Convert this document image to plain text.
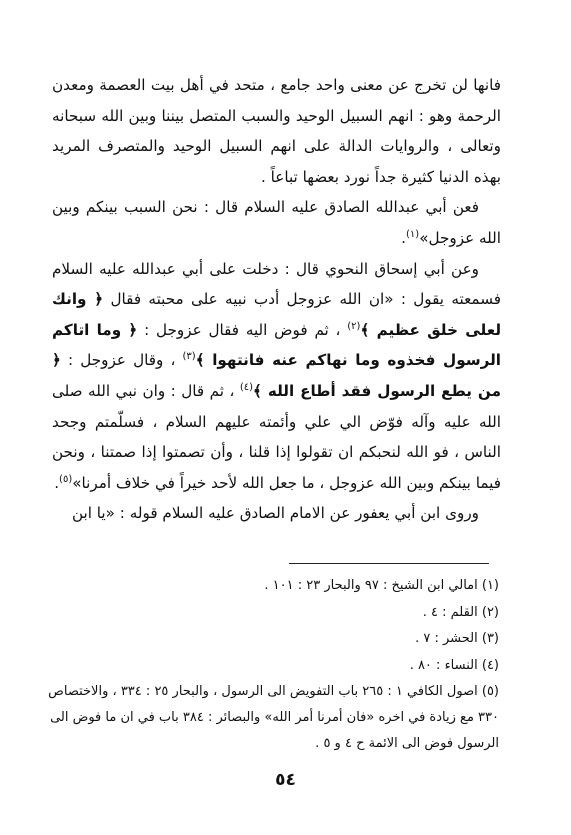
فانها لن تخرج عن معنى واحد جامع ، متحد في أهل بيت العصمة ومعدن الرحمة وهو : انهم السبيل الوحيد والسبب المتصل بيننا وبين الله سبحانه وتعالى ، والروايات الدالة على انهم السبيل الوحيد والمتصرف المريد بهذه الدنيا كثيرة جداً نورد بعضها تباعاً .

فعن أبي عبدالله الصادق عليه السلام قال : نحن السبب بينكم وبين الله عزوجل»$^{(١)}$.

وعن أبي إسحاق النحوي قال : دخلت على أبي عبدالله عليه السلام فسمعته يقول : «ان الله عزوجل أدب نبيه على محبته فقال ﴿ وانك لعلى خلق عظيم ﴾$^{(٢)}$ ، ثم فوض اليه فقال عزوجل : ﴿ وما اتاكم الرسول فخذوه وما نهاكم عنه فانتهوا ﴾$^{(٣)}$ ، وقال عزوجل : ﴿ من يطع الرسول فقد أطاع الله ﴾$^{(٤)}$ ، ثم قال : وان نبي الله صلى الله عليه وآله فوّض الي علي وأئمته عليهم السلام ، فسلّمتم وجحد الناس ، فو الله لنحبكم ان تقولوا إذا قلنا ، وأن تصمتوا إذا صمتنا ، ونحن فيما بينكم وبين الله عزوجل ، ما جعل الله لأحد خيراً في خلاف أمرنا»$^{(٥)}$.

وروى ابن أبي يعفور عن الامام الصادق عليه السلام قوله : «يا ابن

(١) امالي ابن الشيخ : ٩٧ والبحار ٢٣ : ١٠١ .

(٢) القلم : ٤ .

(٣) الحشر : ٧ .

(٤) النساء : ٨٠ .

(٥) اصول الكافي ١ : ٢٦٥ باب التفويض الى الرسول ، والبحار ٢٥ : ٣٣٤ ، والاختصاص ٣٣٠ مع زيادة في اخره «فان أمرنا أمر الله» والبصائر : ٣٨٤ باب في ان ما فوض الى الرسول فوض الى الائمة ح ٤ و ٥ .

٥٤
